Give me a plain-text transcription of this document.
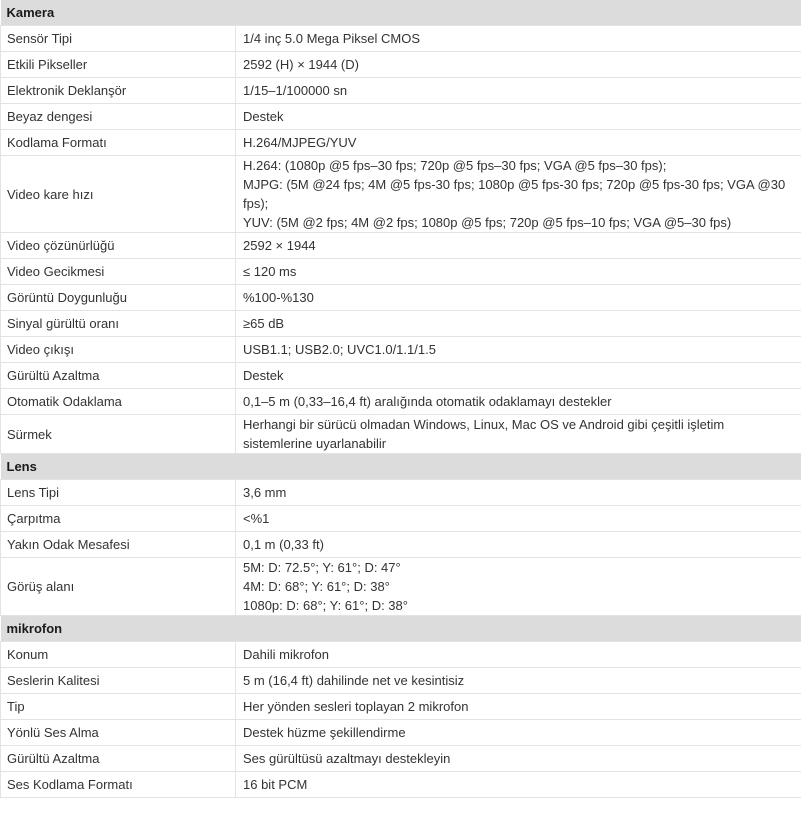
Kamera	
Sensör Tipi	1/4 inç 5.0 Mega Piksel CMOS
Etkili Pikseller	2592 (H) × 1944 (D)
Elektronik Deklanşör	1/15–1/100000 sn
Beyaz dengesi	Destek
Kodlama Formatı	H.264/MJPEG/YUV
Video kare hızı	H.264: (1080p @5 fps–30 fps; 720p @5 fps–30 fps; VGA @5 fps–30 fps);
MJPG: (5M @24 fps; 4M @5 fps-30 fps; 1080p @5 fps-30 fps; 720p @5 fps-30 fps; VGA @30 fps);
YUV: (5M @2 fps; 4M @2 fps; 1080p @5 fps; 720p @5 fps–10 fps; VGA @5–30 fps)
Video çözünürlüğü	2592 × 1944
Video Gecikmesi	≤ 120 ms
Görüntü Doygunluğu	%100-%130
Sinyal gürültü oranı	≥65 dB
Video çıkışı	USB1.1; USB2.0; UVC1.0/1.1/1.5
Gürültü Azaltma	Destek
Otomatik Odaklama	0,1–5 m (0,33–16,4 ft) aralığında otomatik odaklamayı destekler
Sürmek	Herhangi bir sürücü olmadan Windows, Linux, Mac OS ve Android gibi çeşitli işletim sistemlerine uyarlanabilir
Lens	
Lens Tipi	3,6 mm
Çarpıtma	<%1
Yakın Odak Mesafesi	0,1 m (0,33 ft)
Görüş alanı	5M: D: 72.5°; Y: 61°; D: 47°
4M: D: 68°; Y: 61°; D: 38°
1080p: D: 68°; Y: 61°; D: 38°
mikrofon	
Konum	Dahili mikrofon
Seslerin Kalitesi	5 m (16,4 ft) dahilinde net ve kesintisiz
Tip	Her yönden sesleri toplayan 2 mikrofon
Yönlü Ses Alma	Destek hüzme şekillendirme
Gürültü Azaltma	Ses gürültüsü azaltmayı destekleyin
Ses Kodlama Formatı	16 bit PCM
